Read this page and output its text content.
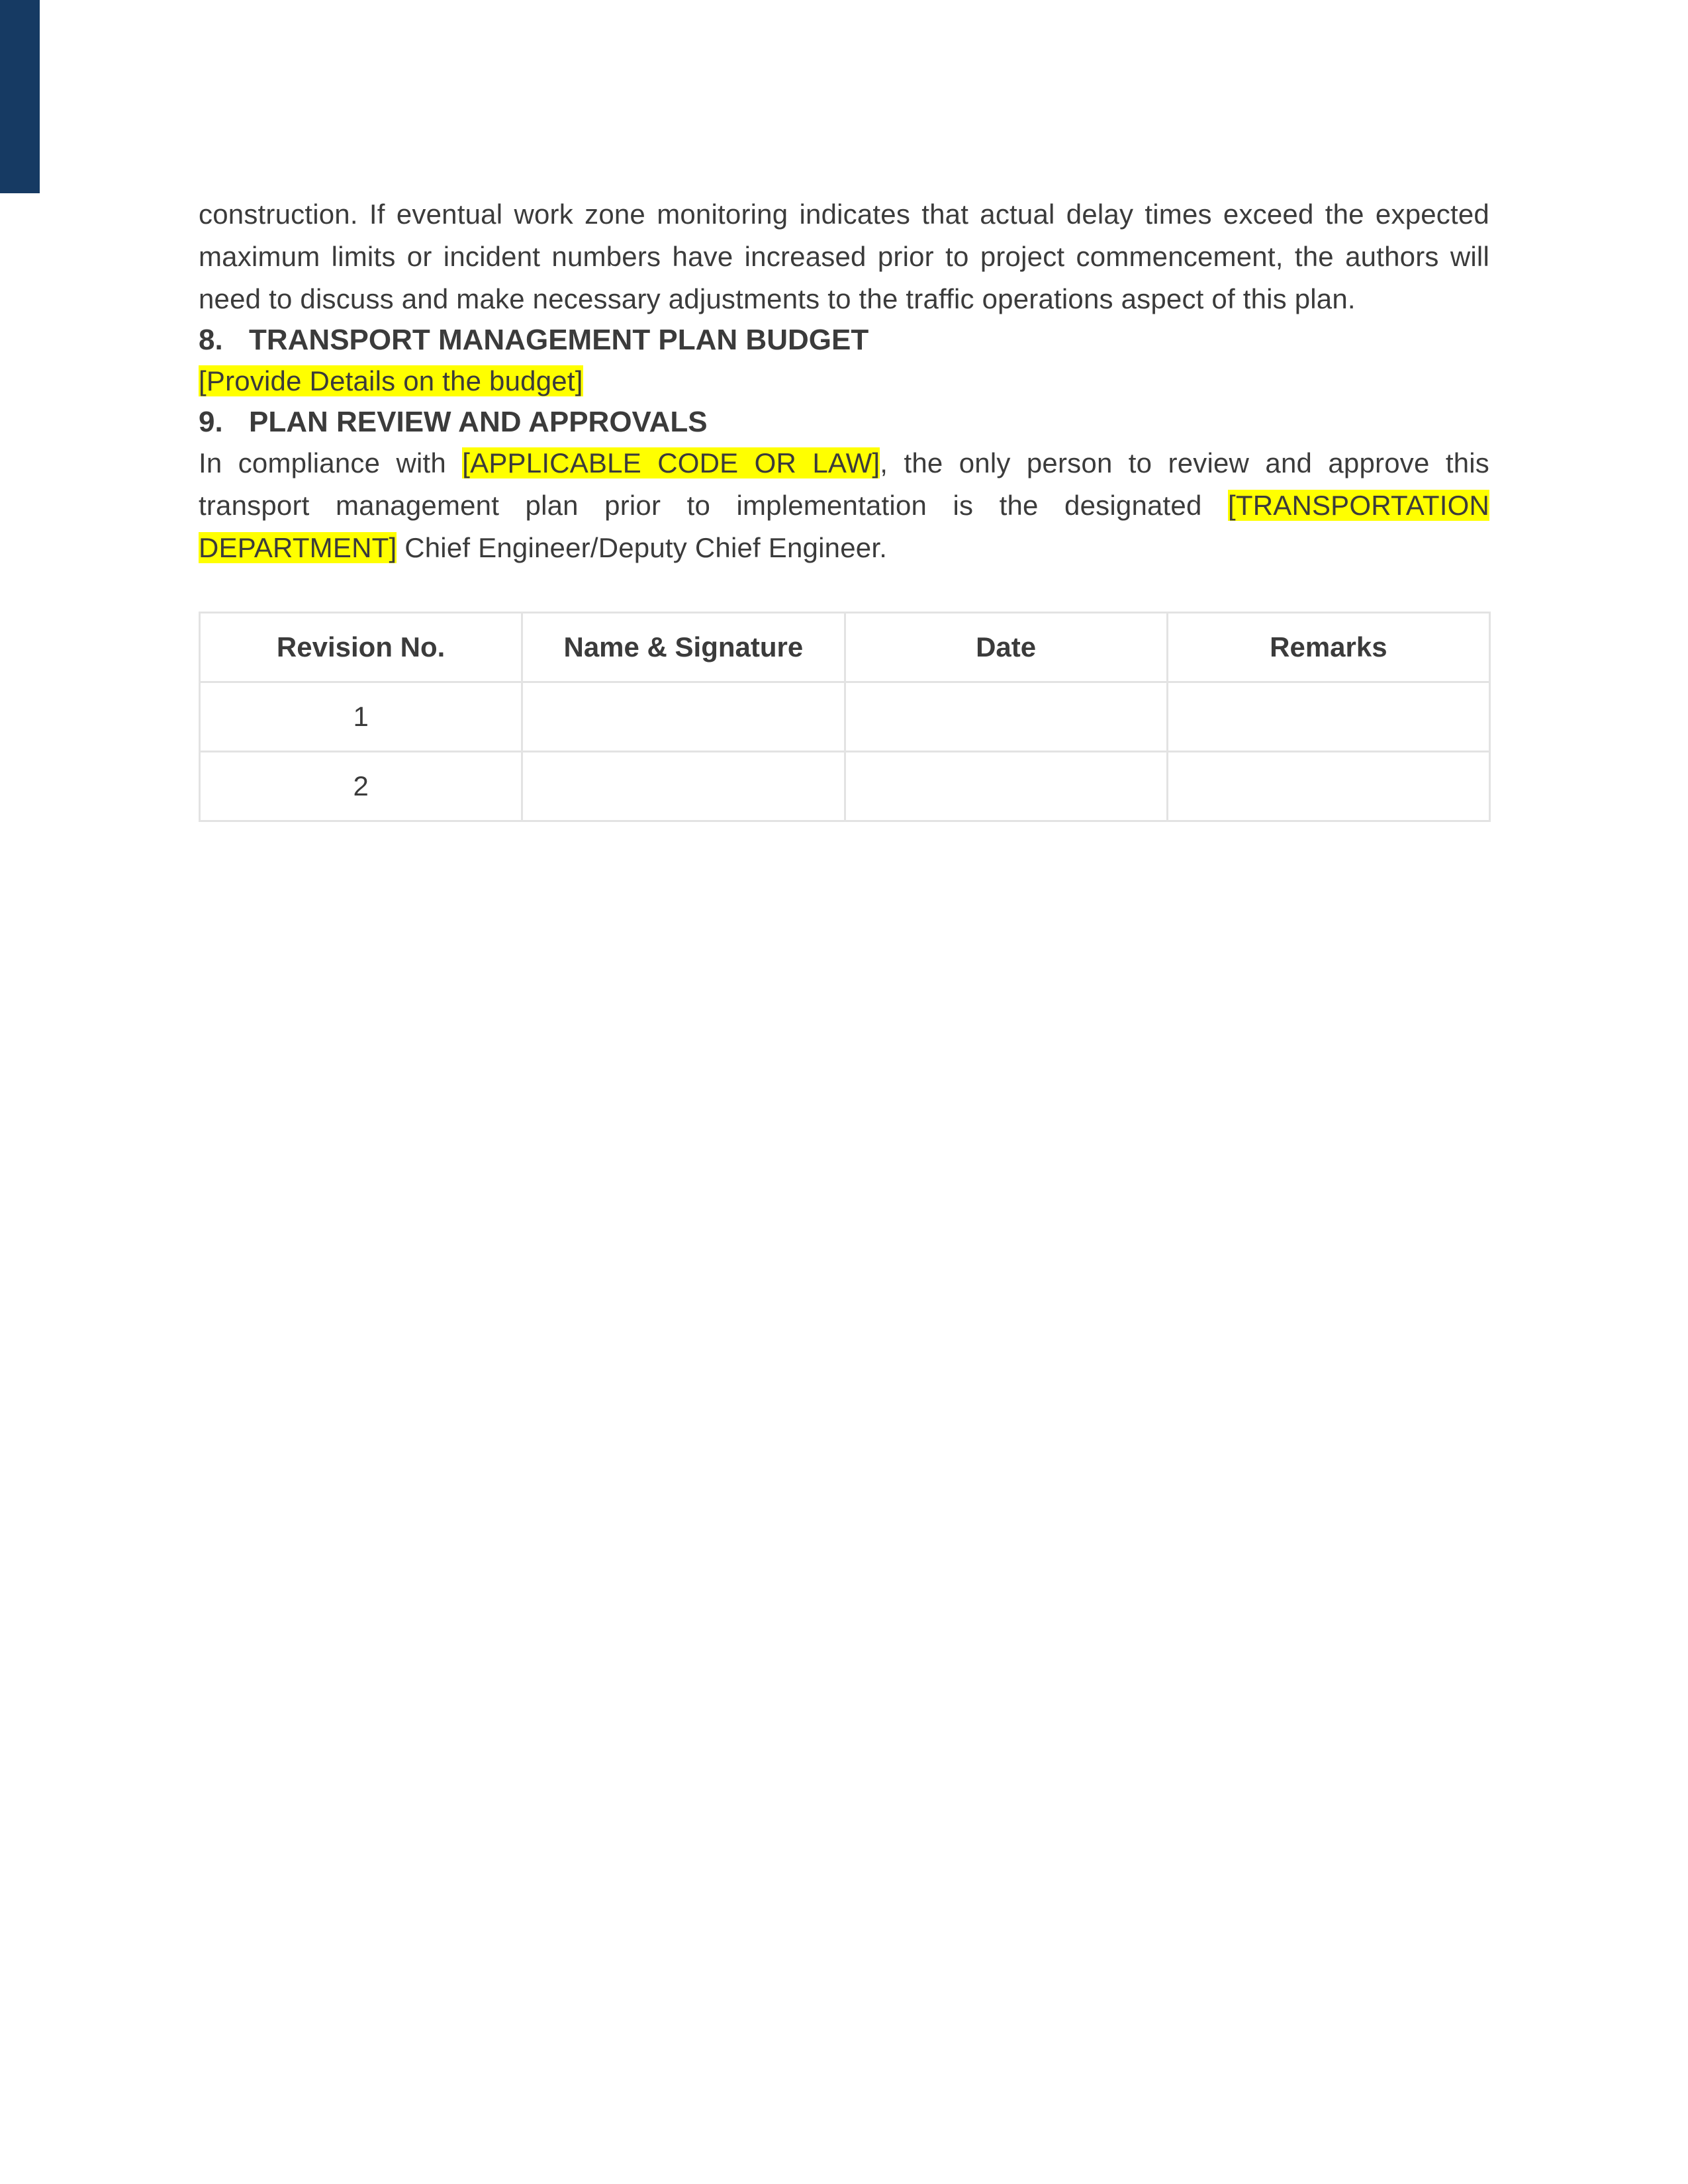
construction. If eventual work zone monitoring indicates that actual delay times exceed the expected maximum limits or incident numbers have increased prior to project commencement, the authors will need to discuss and make necessary adjustments to the traffic operations aspect of this plan.

8. TRANSPORT MANAGEMENT PLAN BUDGET

[Provide Details on the budget]

9. PLAN REVIEW AND APPROVALS

In compliance with [APPLICABLE CODE OR LAW], the only person to review and approve this transport management plan prior to implementation is the designated [TRANSPORTATION DEPARTMENT] Chief Engineer/Deputy Chief Engineer.

Revision No.	Name & Signature	Date	Remarks
1			
2			
